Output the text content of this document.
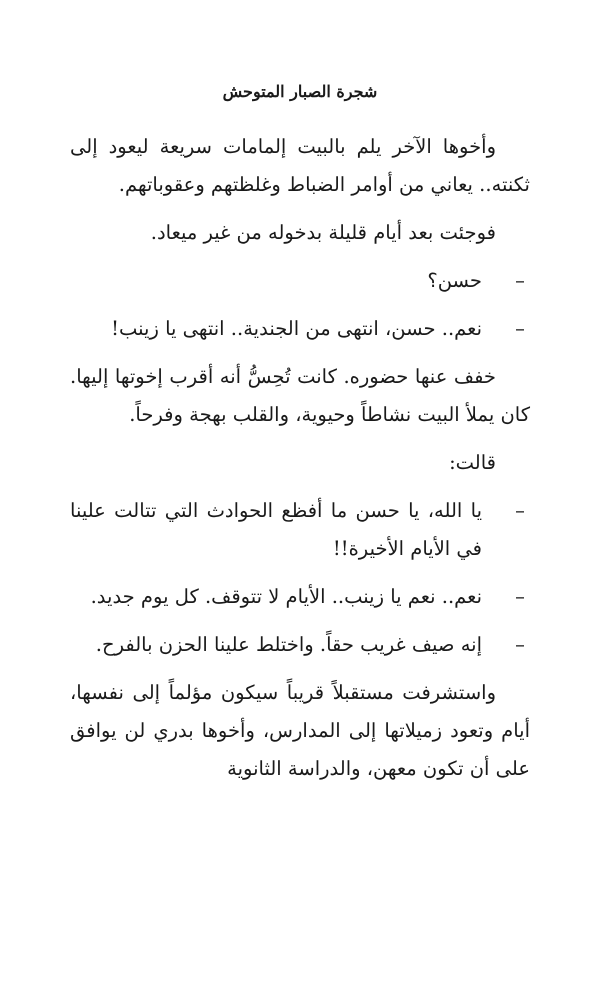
شجرة الصبار المتوحش

وأخوها الآخر يلم بالبيت إلمامات سريعة ليعود إلى ثكنته.. يعاني من أوامر الضباط وغلظتهم وعقوباتهم.

فوجئت بعد أيام قليلة بدخوله من غير ميعاد.

–
حسن؟
–
نعم.. حسن، انتهى من الجندية.. انتهى يا زينب!

خفف عنها حضوره. كانت تُحِسُّ أنه أقرب إخوتها إليها. كان يملأ البيت نشاطاً وحيوية، والقلب بهجة وفرحاً.

قالت:

–
يا الله، يا حسن ما أفظع الحوادث التي تتالت علينا في الأيام الأخيرة!!
–
نعم.. نعم يا زينب.. الأيام لا تتوقف. كل يوم جديد.
–
إنه صيف غريب حقاً. واختلط علينا الحزن بالفرح.

واستشرفت مستقبلاً قريباً سيكون مؤلماً إلى نفسها، أيام وتعود زميلاتها إلى المدارس، وأخوها بدري لن يوافق على أن تكون معهن، والدراسة الثانوية
